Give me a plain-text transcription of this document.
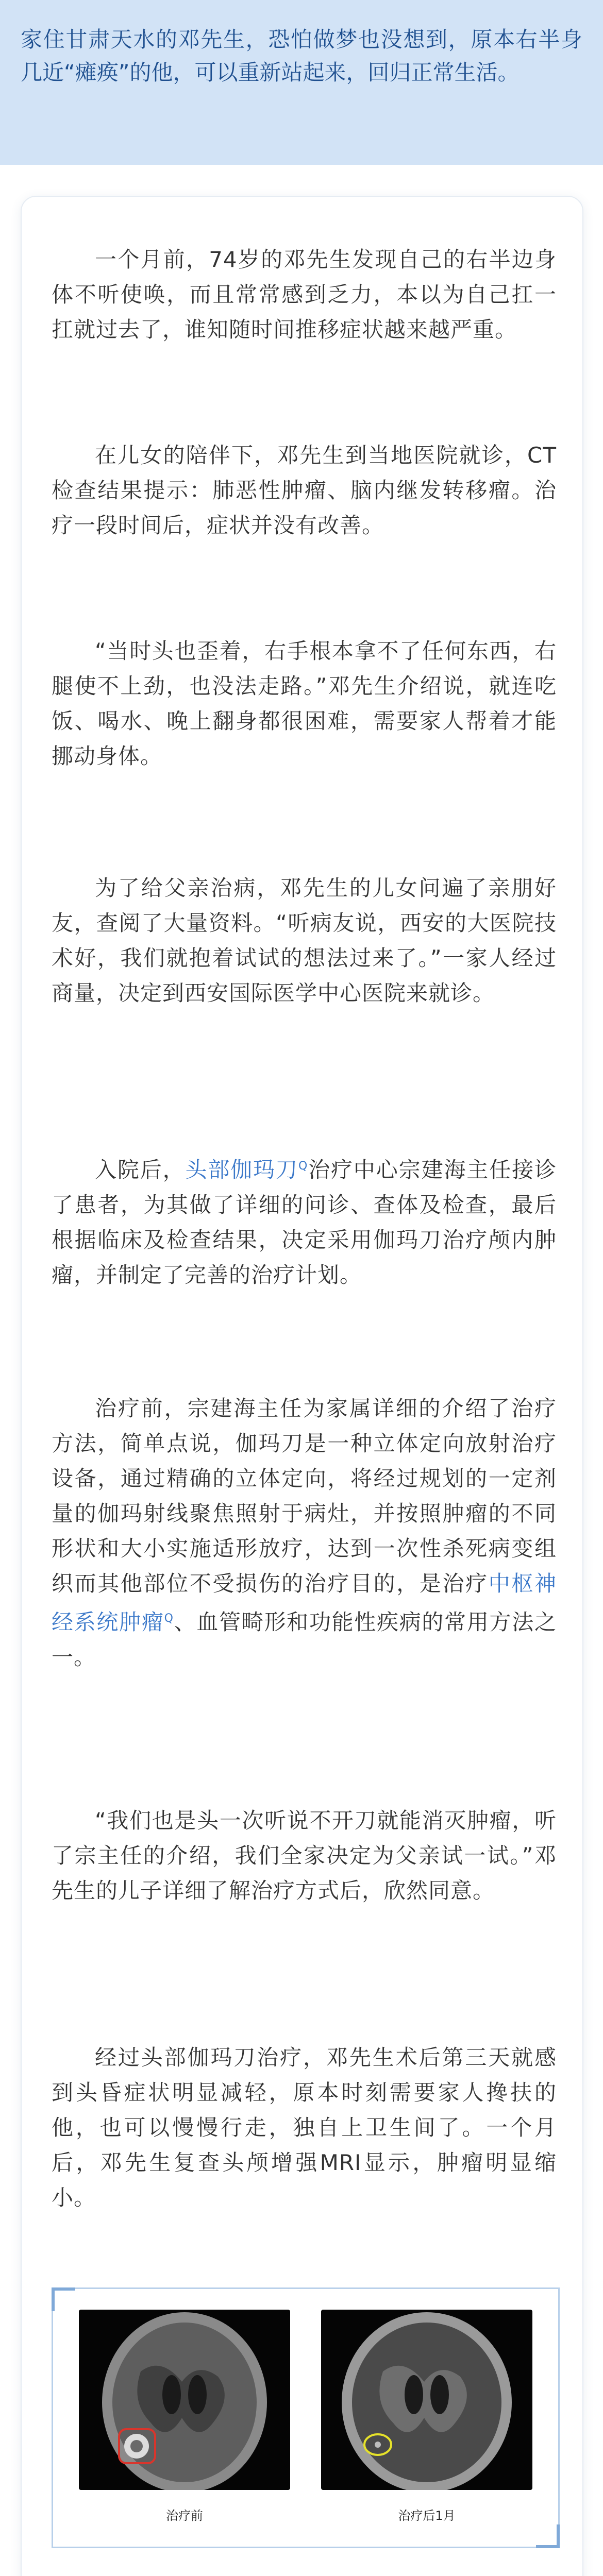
家住甘肃天水的邓先生，恐怕做梦也没想到，原本右半身几近“瘫痪”的他，可以重新站起来，回归正常生活。

一个月前，74岁的邓先生发现自己的右半边身体不听使唤，而且常常感到乏力，本以为自己扛一扛就过去了，谁知随时间推移症状越来越严重。

在儿女的陪伴下，邓先生到当地医院就诊，CT检查结果提示：肺恶性肿瘤、脑内继发转移瘤。治疗一段时间后，症状并没有改善。

“当时头也歪着，右手根本拿不了任何东西，右腿使不上劲，也没法走路。”邓先生介绍说，就连吃饭、喝水、晚上翻身都很困难，需要家人帮着才能挪动身体。

为了给父亲治病，邓先生的儿女问遍了亲朋好友，查阅了大量资料。“听病友说，西安的大医院技术好，我们就抱着试试的想法过来了。”一家人经过商量，决定到西安国际医学中心医院来就诊。

入院后，头部伽玛刀$^Q$治疗中心宗建海主任接诊了患者，为其做了详细的问诊、查体及检查，最后根据临床及检查结果，决定采用伽玛刀治疗颅内肿瘤，并制定了完善的治疗计划。

治疗前，宗建海主任为家属详细的介绍了治疗方法，简单点说，伽玛刀是一种立体定向放射治疗设备，通过精确的立体定向，将经过规划的一定剂量的伽玛射线聚焦照射于病灶，并按照肿瘤的不同形状和大小实施适形放疗，达到一次性杀死病变组织而其他部位不受损伤的治疗目的，是治疗中枢神经系统肿瘤$^Q$、血管畸形和功能性疾病的常用方法之一。

“我们也是头一次听说不开刀就能消灭肿瘤，听了宗主任的介绍，我们全家决定为父亲试一试。”邓先生的儿子详细了解治疗方式后，欣然同意。

经过头部伽玛刀治疗，邓先生术后第三天就感到头昏症状明显减轻，原本时刻需要家人搀扶的他，也可以慢慢行走，独自上卫生间了。一个月后，邓先生复查头颅增强MRI显示，肿瘤明显缩小。

治疗前	治疗后1月
